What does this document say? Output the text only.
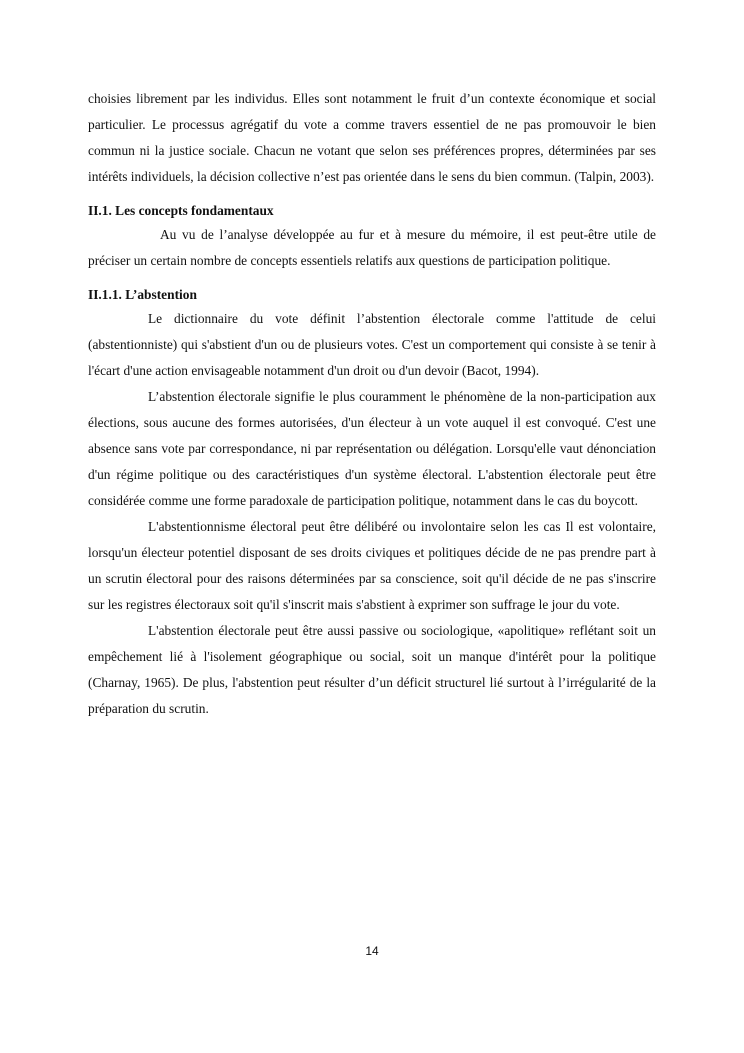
choisies librement par les individus. Elles sont notamment le fruit d’un contexte économique et social particulier. Le processus agrégatif du vote a comme travers essentiel de ne pas promouvoir le bien commun ni la justice sociale. Chacun ne votant que selon ses préférences propres, déterminées par ses intérêts individuels, la décision collective n’est pas orientée dans le sens du bien commun. (Talpin, 2003).

II.1. Les concepts fondamentaux

Au vu de l’analyse développée au fur et à mesure du mémoire, il est peut-être utile de préciser un certain nombre de concepts essentiels relatifs aux questions de participation politique.

II.1.1. L’abstention

Le dictionnaire du vote définit l’abstention électorale comme l'attitude de celui (abstentionniste) qui s'abstient d'un ou de plusieurs votes. C'est un comportement qui consiste à se tenir à l'écart d'une action envisageable notamment d'un droit ou d'un devoir (Bacot, 1994).

L’abstention électorale signifie le plus couramment le phénomène de la non-participation aux élections, sous aucune des formes autorisées, d'un électeur à un vote auquel il est convoqué. C'est une absence sans vote par correspondance, ni par représentation ou délégation. Lorsqu'elle vaut dénonciation d'un régime politique ou des caractéristiques d'un système électoral. L'abstention électorale peut être considérée comme une forme paradoxale de participation politique, notamment dans le cas du boycott.

L'abstentionnisme électoral peut être délibéré ou involontaire selon les cas Il est volontaire, lorsqu'un électeur potentiel disposant de ses droits civiques et politiques décide de ne pas prendre part à un scrutin électoral pour des raisons déterminées par sa conscience, soit qu'il décide de ne pas s'inscrire sur les registres électoraux soit qu'il s'inscrit mais s'abstient à exprimer son suffrage le jour du vote.

L'abstention électorale peut être aussi passive ou sociologique, «apolitique» reflétant soit un empêchement lié à l'isolement géographique ou social, soit un manque d'intérêt pour la politique (Charnay, 1965). De plus, l'abstention peut résulter d’un déficit structurel lié surtout à l’irrégularité de la préparation du scrutin.

14
